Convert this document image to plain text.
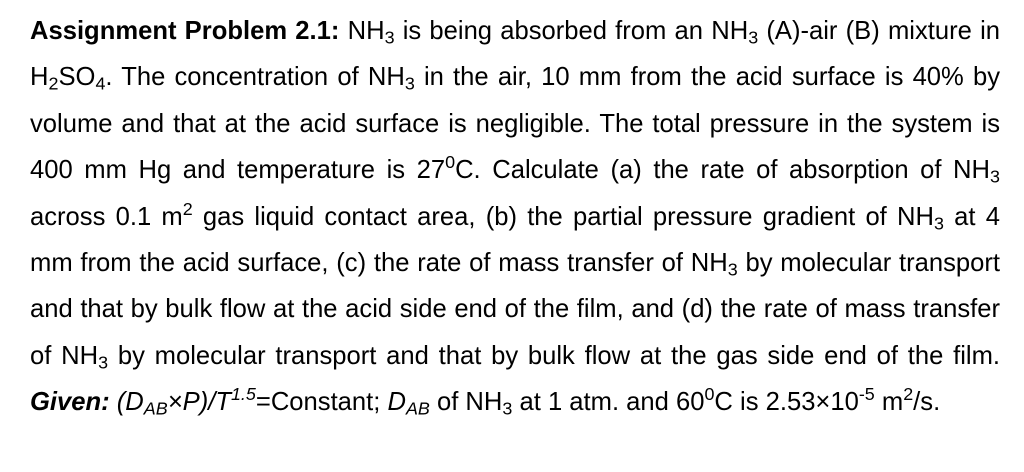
Assignment Problem 2.1: $NH_3$ is being absorbed from an $NH_3$ (A)-air (B) mixture in $H_2SO_4$. The concentration of $NH_3$ in the air, 10 mm from the acid surface is 40% by volume and that at the acid surface is negligible. The total pressure in the system is 400 mm Hg and temperature is $27^0C$. Calculate (a) the rate of absorption of $NH_3$ across 0.1 $m^2$ gas liquid contact area, (b) the partial pressure gradient of $NH_3$ at 4 mm from the acid surface, (c) the rate of mass transfer of $NH_3$ by molecular transport and that by bulk flow at the acid side end of the film, and (d) the rate of mass transfer of $NH_3$ by molecular transport and that by bulk flow at the gas side end of the film. Given: $(D_{AB}\times P)/T^{1.5}=Constant$; $D_{AB}$ of $NH_3$ at 1 atm. and $60^0C$ is $2.53\times 10^{-5}$ $m^2/s$.
